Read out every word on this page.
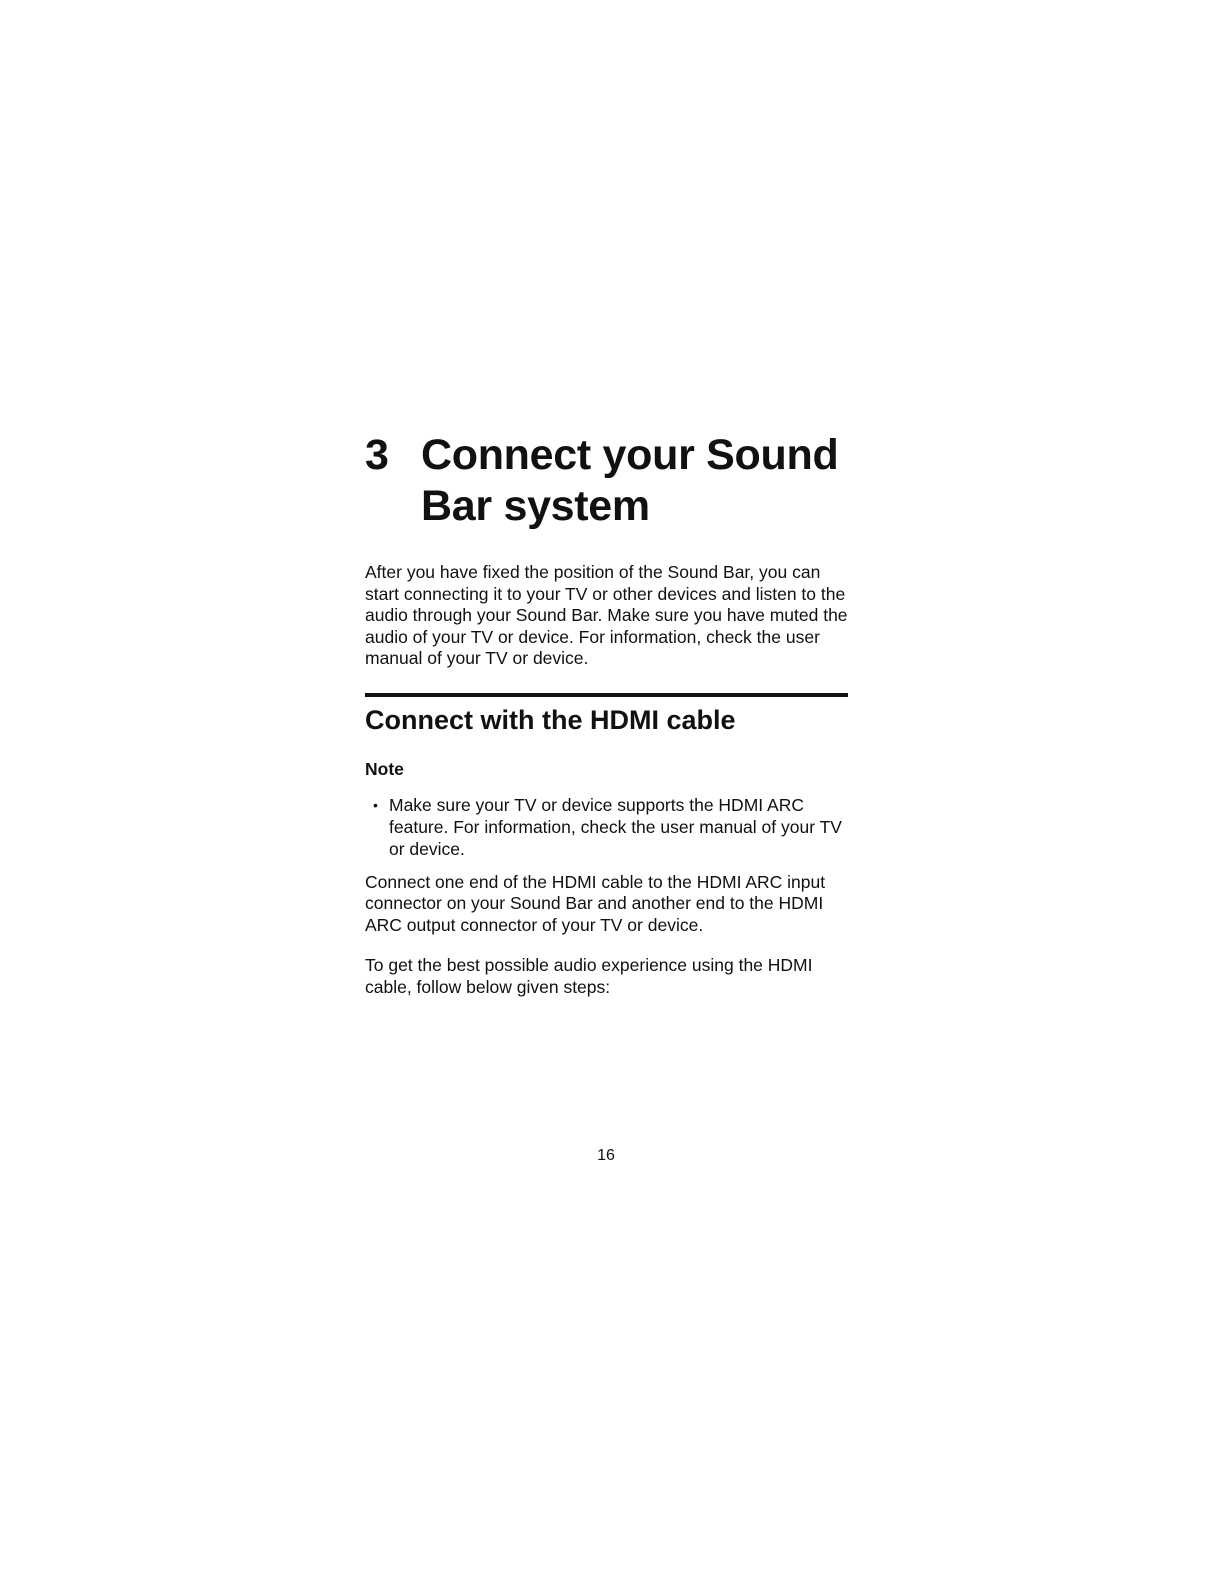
3 Connect your Sound Bar system

After you have fixed the position of the Sound Bar, you can start connecting it to your TV or other devices and listen to the audio through your Sound Bar. Make sure you have muted the audio of your TV or device. For information, check the user manual of your TV or device.

Connect with the HDMI cable
Note
• Make sure your TV or device supports the HDMI ARC feature. For information, check the user manual of your TV or device.

Connect one end of the HDMI cable to the HDMI ARC input connector on your Sound Bar and another end to the HDMI ARC output connector of your TV or device.

To get the best possible audio experience using the HDMI cable, follow below given steps:

16
